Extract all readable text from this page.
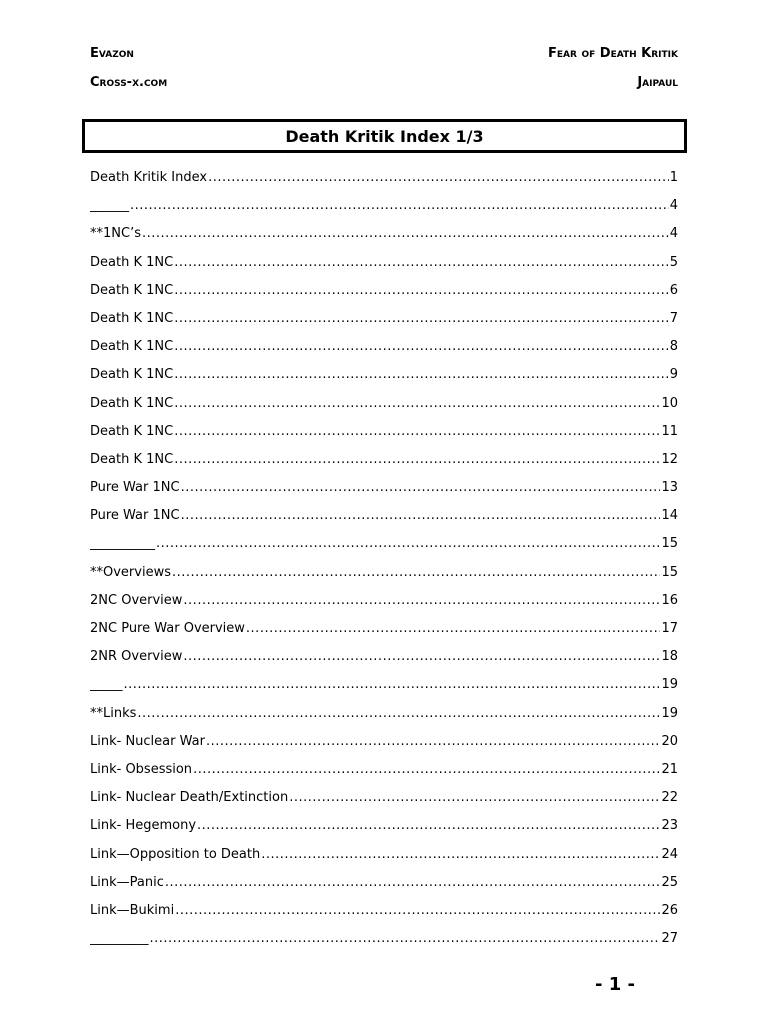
Evazon
Cross-x.com
Fear of Death Kritik
Jaipaul
Death Kritik Index 1/3
Death Kritik Index .....	1
______ .....	4
**1NC’s .....	4
Death K 1NC .....	5
Death K 1NC .....	6
Death K 1NC .....	7
Death K 1NC .....	8
Death K 1NC .....	9
Death K 1NC .....	10
Death K 1NC .....	11
Death K 1NC .....	12
Pure War 1NC .....	13
Pure War 1NC .....	14
__________ .....	15
**Overviews .....	15
2NC Overview .....	16
2NC Pure War Overview .....	17
2NR Overview .....	18
_____ .....	19
**Links .....	19
Link- Nuclear War .....	20
Link- Obsession .....	21
Link- Nuclear Death/Extinction .....	22
Link- Hegemony .....	23
Link—Opposition to Death .....	24
Link—Panic .....	25
Link—Bukimi .....	26
_________ .....	27
- 1 -
